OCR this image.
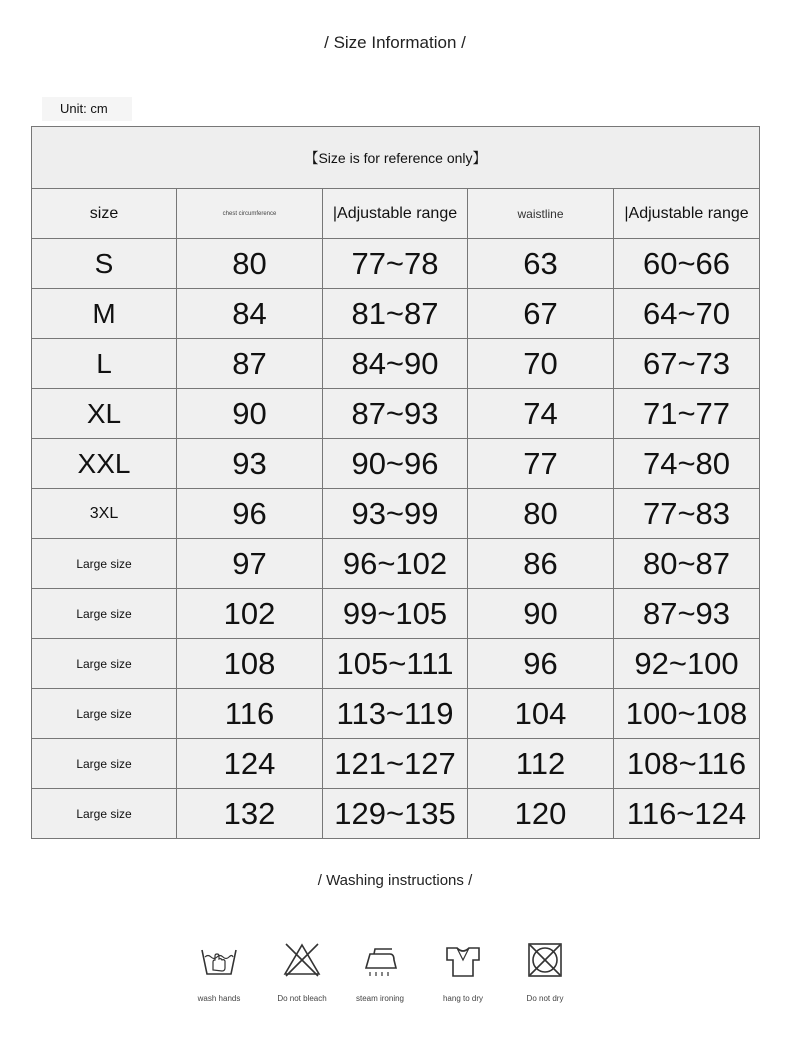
/ Size Information /
Unit: cm
【Size is for reference only】				
size	chest circumference	|Adjustable range	waistline	|Adjustable range
S	80	77~78	63	60~66
M	84	81~87	67	64~70
L	87	84~90	70	67~73
XL	90	87~93	74	71~77
XXL	93	90~96	77	74~80
3XL	96	93~99	80	77~83
Large size	97	96~102	86	80~87
Large size	102	99~105	90	87~93
Large size	108	105~111	96	92~100
Large size	116	113~119	104	100~108
Large size	124	121~127	112	108~116
Large size	132	129~135	120	116~124
/ Washing instructions /
wash hands	Do not bleach	steam ironing	hang to dry	Do not dry
